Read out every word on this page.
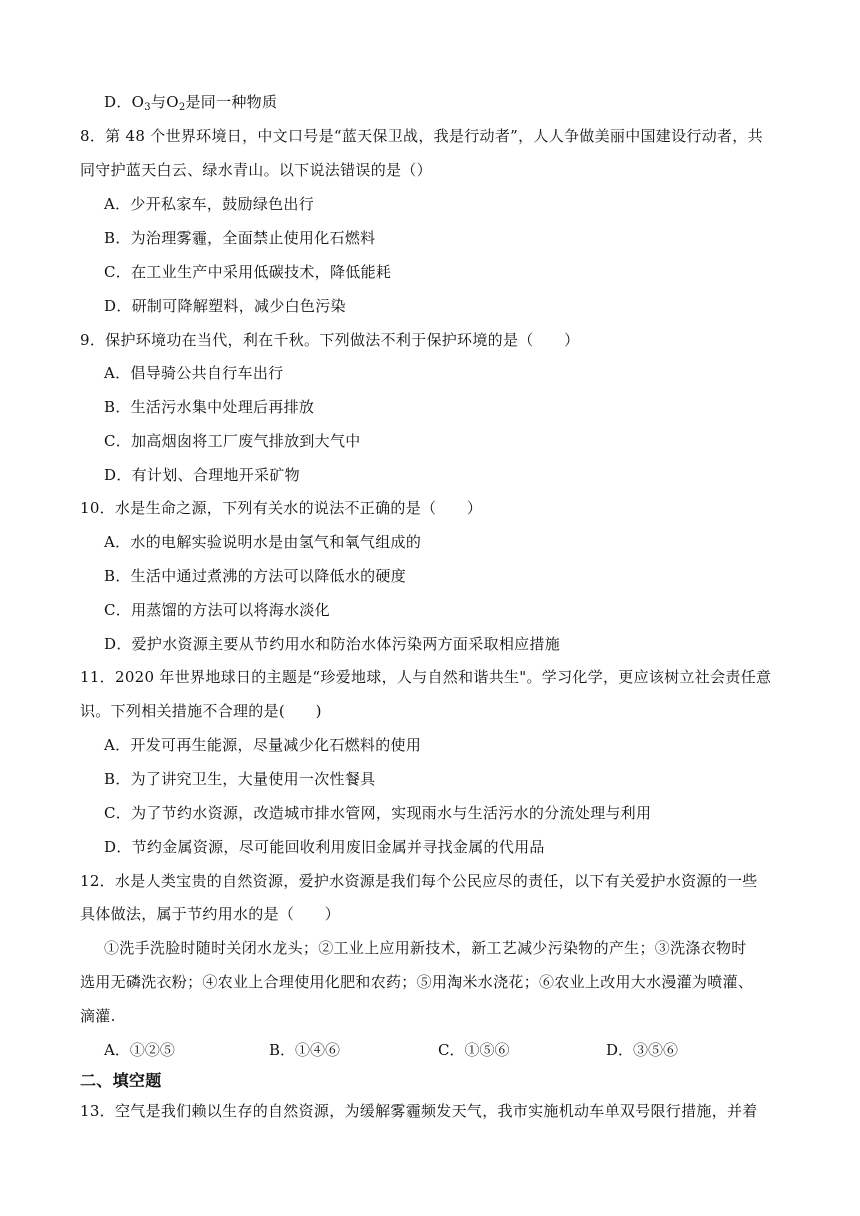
D．$O_3$与$O_2$是同一种物质
8．第 48 个世界环境日，中文口号是“蓝天保卫战，我是行动者”，人人争做美丽中国建设行动者，共
同守护蓝天白云、绿水青山。以下说法错误的是（）
A．少开私家车，鼓励绿色出行
B．为治理雾霾，全面禁止使用化石燃料
C．在工业生产中采用低碳技术，降低能耗
D．研制可降解塑料，减少白色污染
9．保护环境功在当代，利在千秋。下列做法不利于保护环境的是（　　）
A．倡导骑公共自行车出行
B．生活污水集中处理后再排放
C．加高烟囱将工厂废气排放到大气中
D．有计划、合理地开采矿物
10．水是生命之源，下列有关水的说法不正确的是（　　）
A．水的电解实验说明水是由氢气和氧气组成的
B．生活中通过煮沸的方法可以降低水的硬度
C．用蒸馏的方法可以将海水淡化
D．爱护水资源主要从节约用水和防治水体污染两方面采取相应措施
11．2020 年世界地球日的主题是“珍爱地球，人与自然和谐共生"。学习化学，更应该树立社会责任意
识。下列相关措施不合理的是(　　)
A．开发可再生能源，尽量减少化石燃料的使用
B．为了讲究卫生，大量使用一次性餐具
C．为了节约水资源，改造城市排水管网，实现雨水与生活污水的分流处理与利用
D．节约金属资源，尽可能回收利用废旧金属并寻找金属的代用品
12．水是人类宝贵的自然资源，爱护水资源是我们每个公民应尽的责任，以下有关爱护水资源的一些
具体做法，属于节约用水的是（　　）
①洗手洗脸时随时关闭水龙头；②工业上应用新技术，新工艺减少污染物的产生；③洗涤衣物时
选用无磷洗衣粉；④农业上合理使用化肥和农药；⑤用淘米水浇花；⑥农业上改用大水漫灌为喷灌、
滴灌.
A．①②⑤	B．①④⑥	C．①⑤⑥	D．③⑤⑥
二、填空题
13．空气是我们赖以生存的自然资源，为缓解雾霾频发天气，我市实施机动车单双号限行措施，并着
